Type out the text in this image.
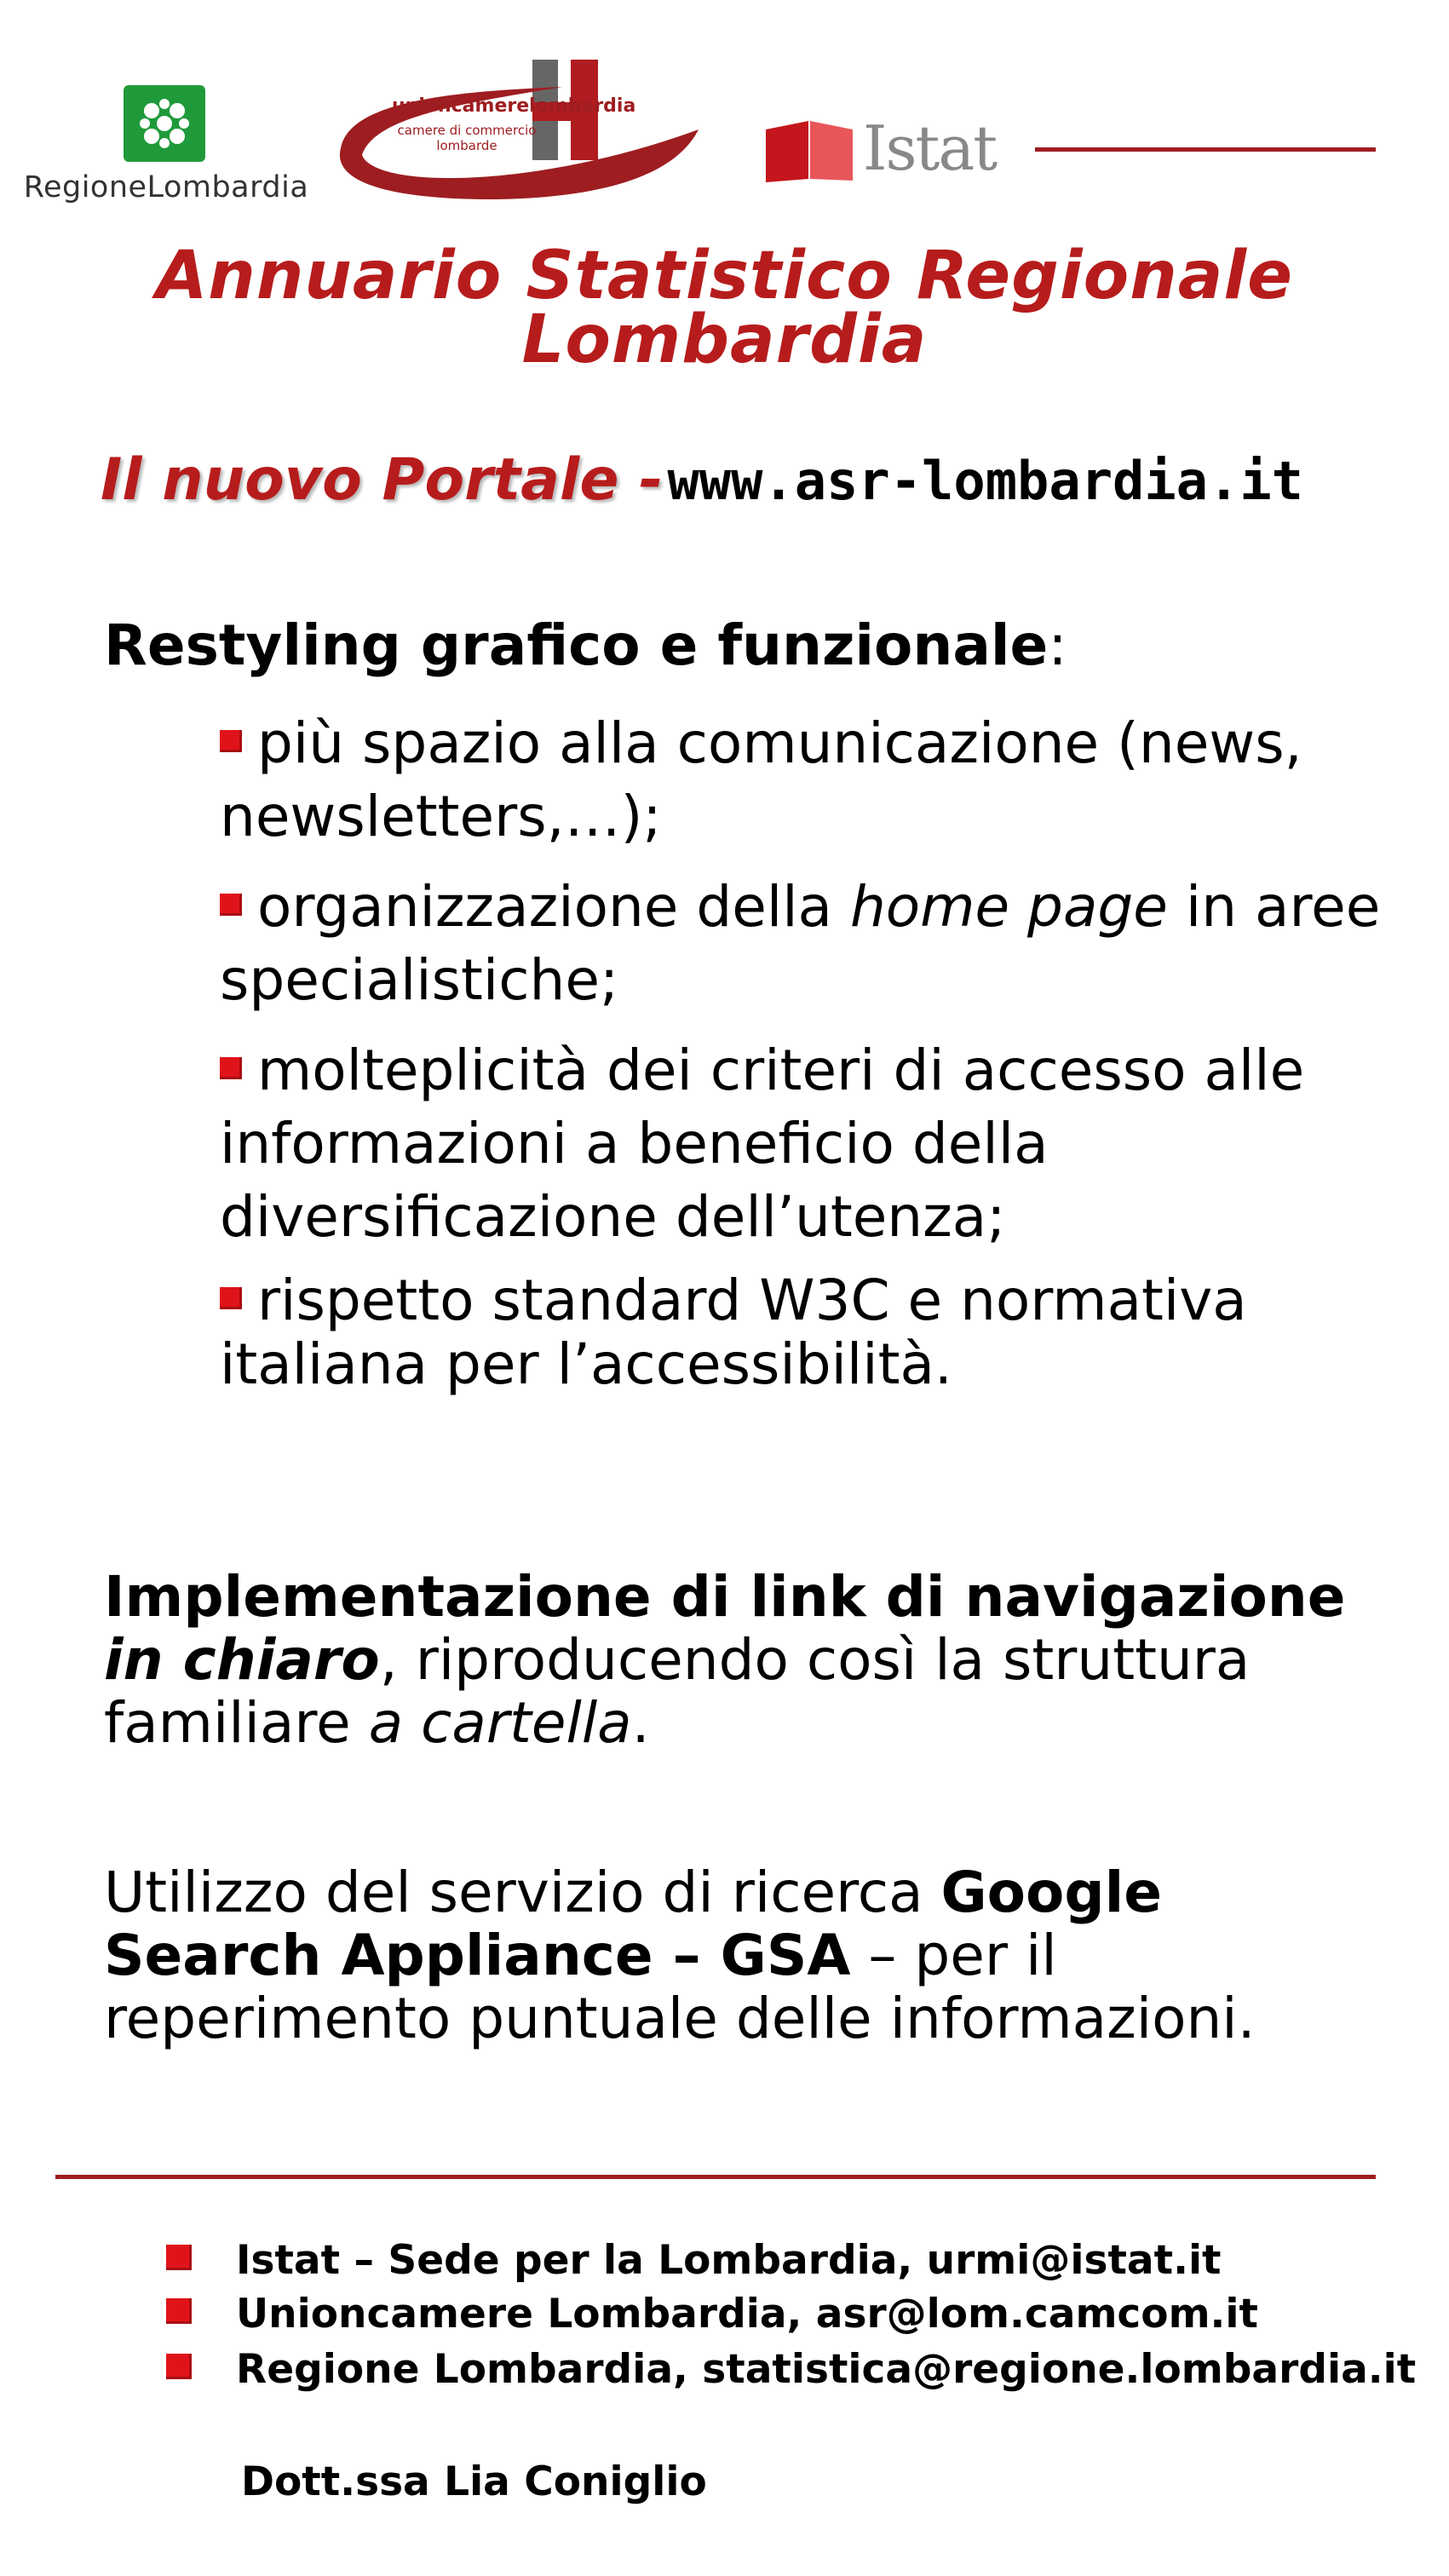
RegioneLombardia
unioncamerelombardia
camere di commercio lombarde	Istat
Annuario Statistico Regionale
Lombardia
Il nuovo Portale - www.asr-lombardia.it
Restyling grafico e funzionale:
più spazio alla comunicazione (news, newsletters,…);
organizzazione della home page in aree specialistiche;
molteplicità dei criteri di accesso alle informazioni a beneficio della diversificazione dell’utenza;
rispetto standard W3C e normativa italiana per l’accessibilità.
Implementazione di link di navigazione in chiaro, riproducendo così la struttura familiare a cartella.
Utilizzo del servizio di ricerca Google Search Appliance – GSA – per il reperimento puntuale delle informazioni.
Istat – Sede per la Lombardia, urmi@istat.it
Unioncamere Lombardia, asr@lom.camcom.it
Regione Lombardia, statistica@regione.lombardia.it
Dott.ssa Lia Coniglio
